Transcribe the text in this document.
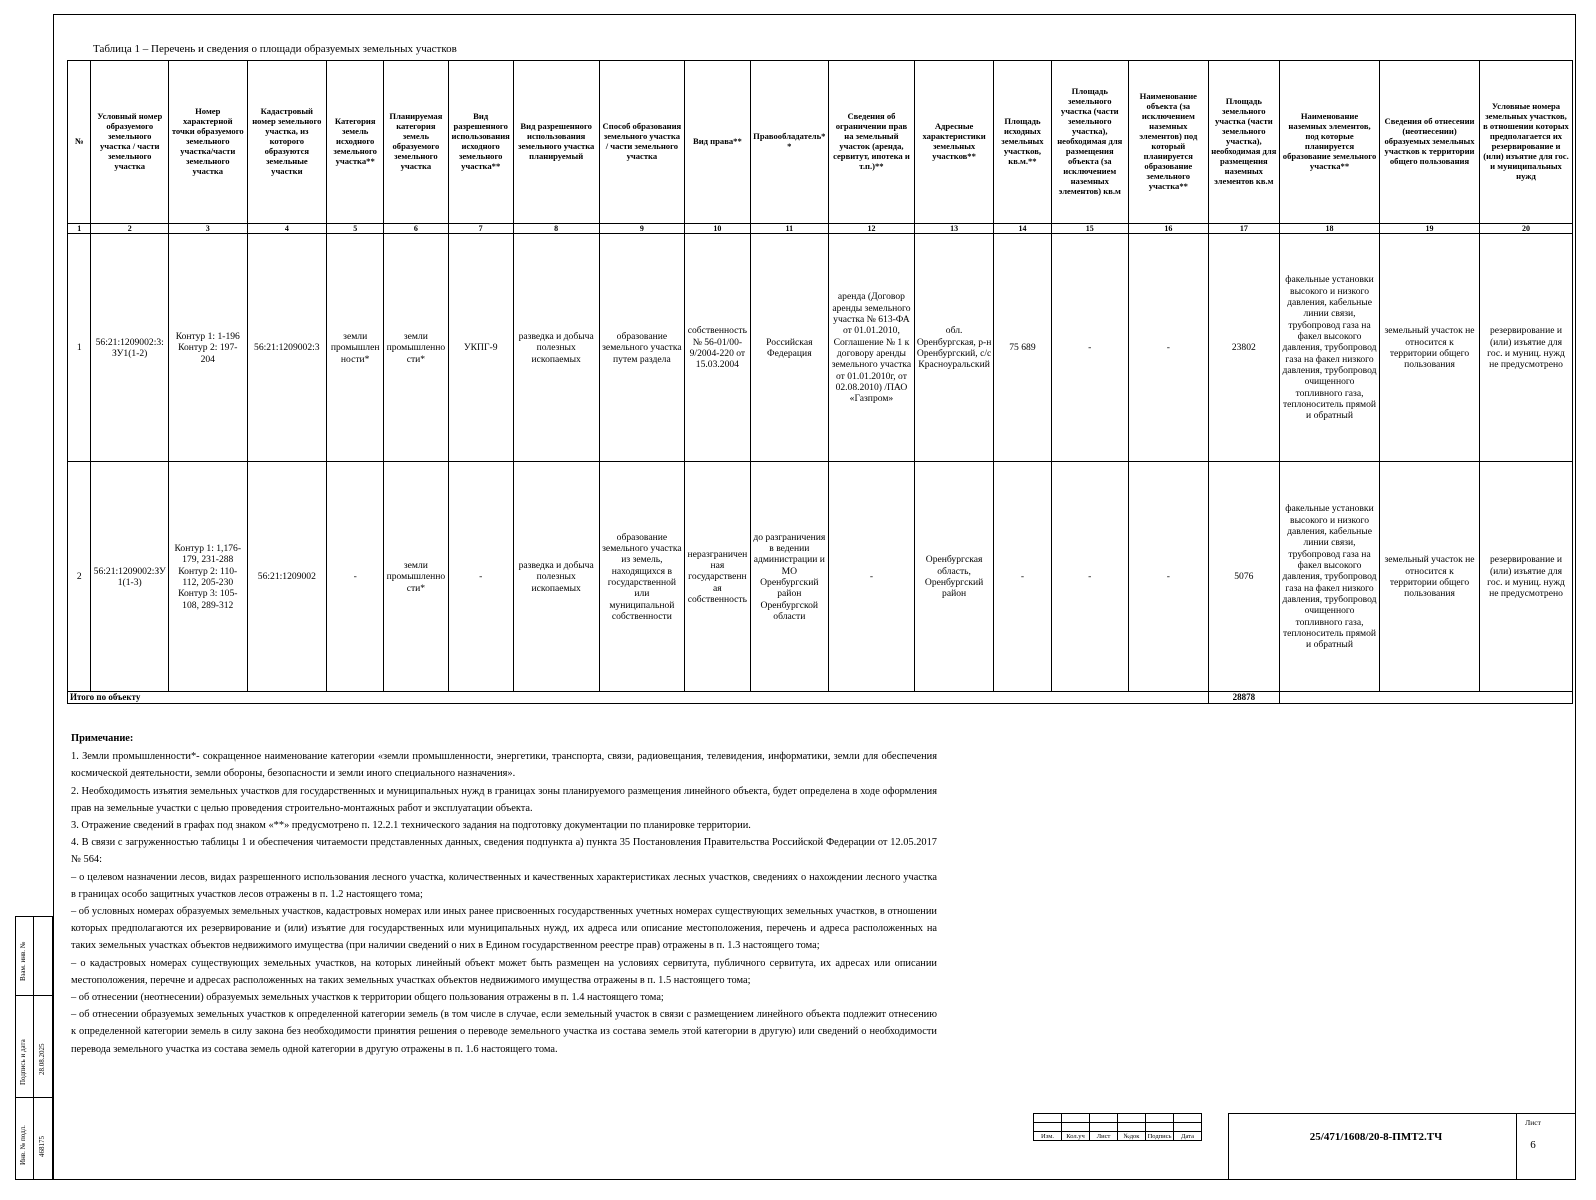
Таблица 1 – Перечень и сведения о площади образуемых земельных участков
№	Условный номер образуемого земельного участка / части земельного участка	Номер характерной точки образуемого земельного участка/части земельного участка	Кадастровый номер земельного участка, из которого образуются земельные участки	Категория земель исходного земельного участка**	Планируемая категория земель образуемого земельного участка	Вид разрешенного использования исходного земельного участка**	Вид разрешенного использования земельного участка планируемый	Способ образования земельного участка / части земельного участка	Вид права**	Правообладатель**	Сведения об ограничении прав на земельный участок (аренда, сервитут, ипотека и т.п.)**	Адресные характеристики земельных участков**	Площадь исходных земельных участков, кв.м.**	Площадь земельного участка (части земельного участка), необходимая для размещения объекта (за исключением наземных элементов) кв.м	Наименование объекта (за исключением наземных элементов) под который планируется образование земельного участка**	Площадь земельного участка (части земельного участка), необходимая для размещения наземных элементов кв.м	Наименование наземных элементов, под которые планируется образование земельного участка**	Сведения об отнесении (неотнесении) образуемых земельных участков к территории общего пользования	Условные номера земельных участков, в отношении которых предполагается их резервирование и (или) изъятие для гос. и муниципальных нужд
1	2	3	4	5	6	7	8	9	10	11	12	13	14	15	16	17	18	19	20
1	56:21:1209002:3:ЗУ1(1-2)	Контур 1: 1-196 Контур 2: 197-204	56:21:1209002:3	земли промышленности*	земли промышленности*	УКПГ-9	разведка и добыча полезных ископаемых	образование земельного участка путем раздела	собственность № 56-01/00-9/2004-220 от 15.03.2004	Российская Федерация	аренда (Договор аренды земельного участка № 613-ФА от 01.01.2010, Соглашение № 1 к договору аренды земельного участка от 01.01.2010г, от 02.08.2010) /ПАО «Газпром»	обл. Оренбургская, р-н Оренбургский, с/с Красноуральский	75 689	-	-	23802	факельные установки высокого и низкого давления, кабельные линии связи, трубопровод газа на факел высокого давления, трубопровод газа на факел низкого давления, трубопровод очищенного топливного газа, теплоноситель прямой и обратный	земельный участок не относится к территории общего пользования	резервирование и (или) изъятие для гос. и муниц. нужд не предусмотрено
2	56:21:1209002:ЗУ1(1-3)	Контур 1: 1,176-179, 231-288 Контур 2: 110-112, 205-230 Контур 3: 105-108, 289-312	56:21:1209002	-	земли промышленности*	-	разведка и добыча полезных ископаемых	образование земельного участка из земель, находящихся в государственной или муниципальной собственности	неразграниченная государственная собственность	до разграничения в ведении администрации и МО Оренбургский район Оренбургской области	-	Оренбургская область, Оренбургский район	-	-	-	5076	факельные установки высокого и низкого давления, кабельные линии связи, трубопровод газа на факел высокого давления, трубопровод газа на факел низкого давления, трубопровод очищенного топливного газа, теплоноситель прямой и обратный	земельный участок не относится к территории общего пользования	резервирование и (или) изъятие для гос. и муниц. нужд не предусмотрено
Итого по объекту																28878			

Примечание:

1. Земли промышленности*- сокращенное наименование категории «земли промышленности, энергетики, транспорта, связи, радиовещания, телевидения, информатики, земли для обеспечения космической деятельности, земли обороны, безопасности и земли иного специального назначения».

2. Необходимость изъятия земельных участков для государственных и муниципальных нужд в границах зоны планируемого размещения линейного объекта, будет определена в ходе оформления прав на земельные участки с целью проведения строительно-монтажных работ и эксплуатации объекта.

3. Отражение сведений в графах под знаком «**» предусмотрено п. 12.2.1 технического задания на подготовку документации по планировке территории.

4. В связи с загруженностью таблицы 1 и обеспечения читаемости представленных данных, сведения подпункта а) пункта 35 Постановления Правительства Российской Федерации от 12.05.2017 № 564:

– о целевом назначении лесов, видах разрешенного использования лесного участка, количественных и качественных характеристиках лесных участков, сведениях о нахождении лесного участка в границах особо защитных участков лесов отражены в п. 1.2 настоящего тома;

– об условных номерах образуемых земельных участков, кадастровых номерах или иных ранее присвоенных государственных учетных номерах существующих земельных участков, в отношении которых предполагаются их резервирование и (или) изъятие для государственных или муниципальных нужд, их адреса или описание местоположения, перечень и адреса расположенных на таких земельных участках объектов недвижимого имущества (при наличии сведений о них в Едином государственном реестре прав) отражены в п. 1.3 настоящего тома;

– о кадастровых номерах существующих земельных участков, на которых линейный объект может быть размещен на условиях сервитута, публичного сервитута, их адресах или описании местоположения, перечне и адресах расположенных на таких земельных участках объектов недвижимого имущества отражены в п. 1.5 настоящего тома;

– об отнесении (неотнесении) образуемых земельных участков к территории общего пользования отражены в п. 1.4 настоящего тома;

– об отнесении образуемых земельных участков к определенной категории земель (в том числе в случае, если земельный участок в связи с размещением линейного объекта подлежит отнесению к определенной категории земель в силу закона без необходимости принятия решения о переводе земельного участка из состава земель этой категории в другую) или сведений о необходимости перевода земельного участка из состава земель одной категории в другую отражены в п. 1.6 настоящего тома.

Взам. инв. №
Подпись и дата 28.08.2025
Инв. № подл. 468175

						Изм.	Кол.уч	Лист	№док	Подпись	Дата	25/471/1608/20-8-ПМТ2.ТЧ
Лист
6
